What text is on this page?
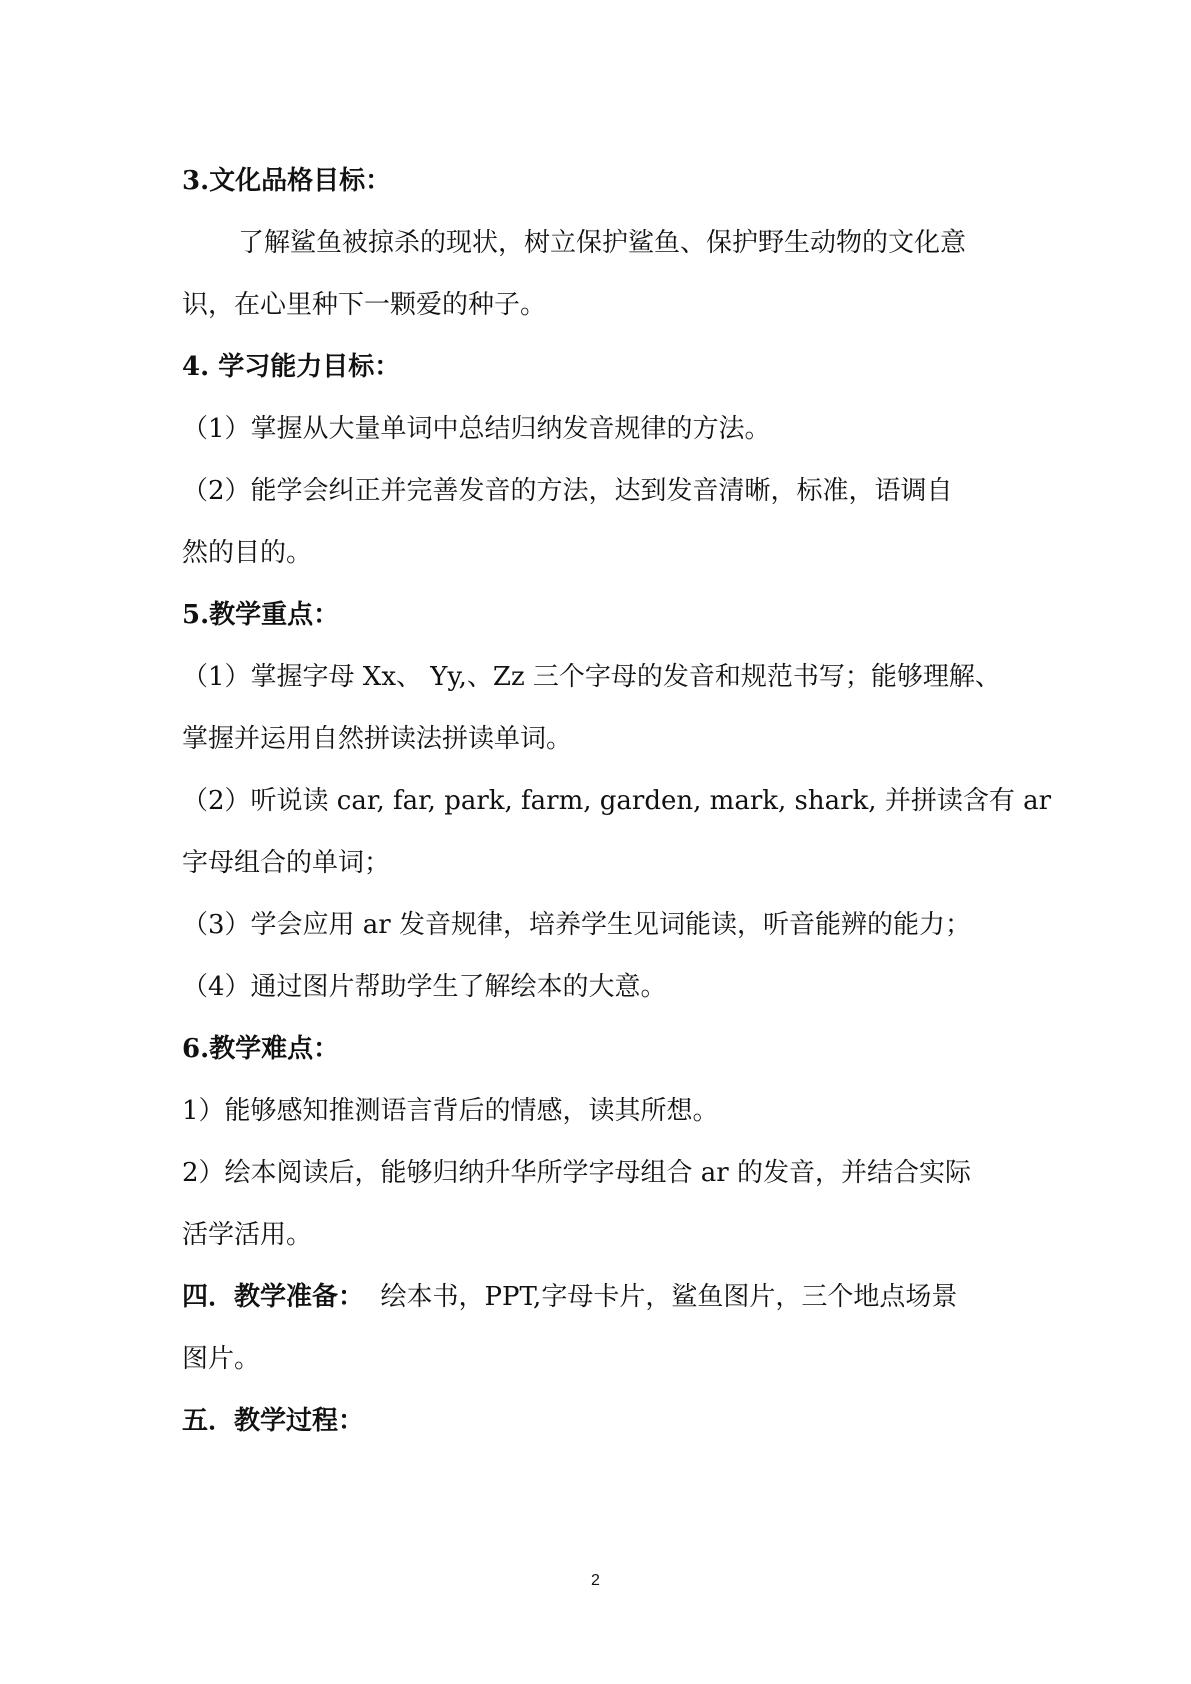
3.文化品格目标：
了解鲨鱼被掠杀的现状，树立保护鲨鱼、保护野生动物的文化意
识，在心里种下一颗爱的种子。
4. 学习能力目标：
（1）掌握从大量单词中总结归纳发音规律的方法。
（2）能学会纠正并完善发音的方法，达到发音清晰，标准，语调自
然的目的。
5.教学重点：
（1）掌握字母 Xx、 Yy,、Zz 三个字母的发音和规范书写；能够理解、
掌握并运用自然拼读法拼读单词。
（2）听说读 car, far, park, farm, garden, mark, shark, 并拼读含有 ar
字母组合的单词；
（3）学会应用 ar 发音规律，培养学生见词能读，听音能辨的能力；
（4）通过图片帮助学生了解绘本的大意。
6.教学难点：
1）能够感知推测语言背后的情感，读其所想。
2）绘本阅读后，能够归纳升华所学字母组合 ar 的发音，并结合实际
活学活用。
四．教学准备：  绘本书，PPT,字母卡片，鲨鱼图片，三个地点场景
图片。
五．教学过程：
2
